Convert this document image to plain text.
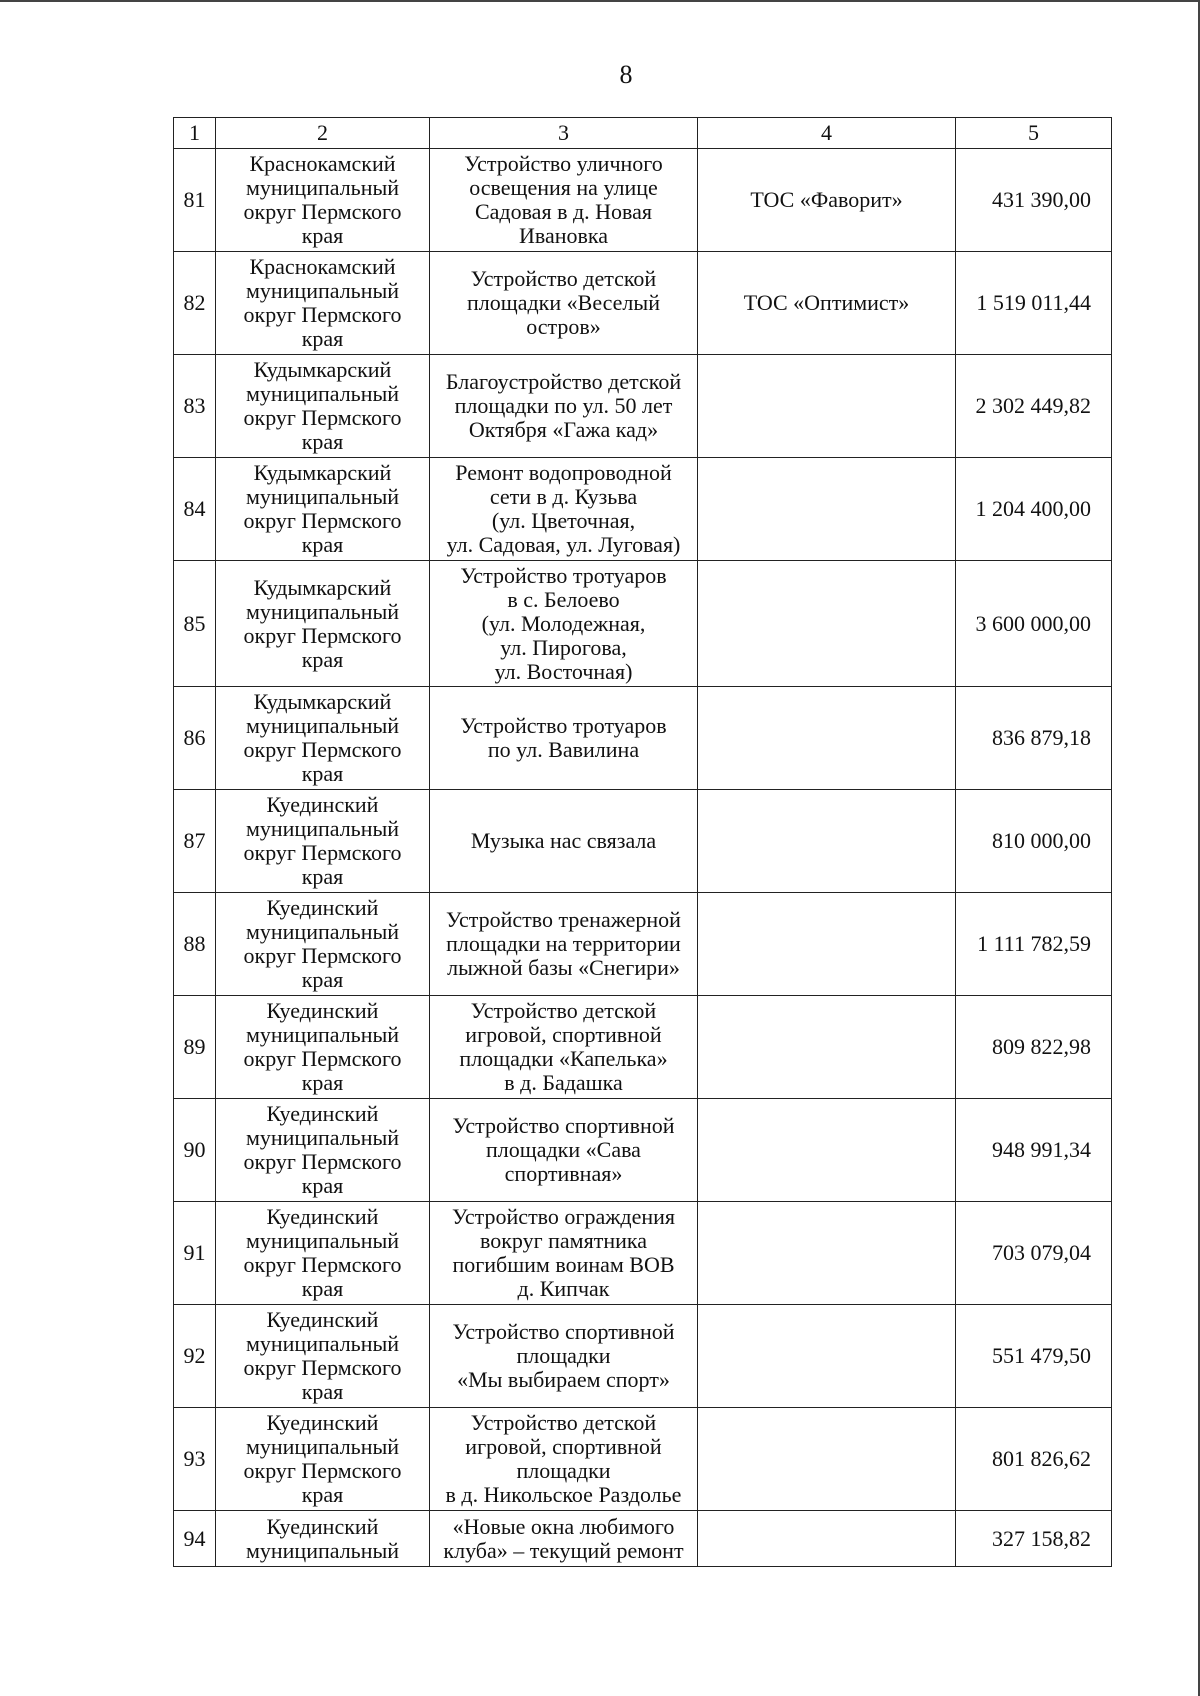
8
1	2	3	4	5
81	Краснокамский
муниципальный
округ Пермского
края	Устройство уличного
освещения на улице
Садовая в д. Новая
Ивановка	ТОС «Фаворит»	431 390,00
82	Краснокамский
муниципальный
округ Пермского
края	Устройство детской
площадки «Веселый
остров»	ТОС «Оптимист»	1 519 011,44
83	Кудымкарский
муниципальный
округ Пермского
края	Благоустройство детской
площадки по ул. 50 лет
Октября «Гажа кад»		2 302 449,82
84	Кудымкарский
муниципальный
округ Пермского
края	Ремонт водопроводной
сети в д. Кузьва
(ул. Цветочная,
ул. Садовая, ул. Луговая)		1 204 400,00
85	Кудымкарский
муниципальный
округ Пермского
края	Устройство тротуаров
в с. Белоево
(ул. Молодежная,
ул. Пирогова,
ул. Восточная)		3 600 000,00
86	Кудымкарский
муниципальный
округ Пермского
края	Устройство тротуаров
по ул. Вавилина		836 879,18
87	Куединский
муниципальный
округ Пермского
края	Музыка нас связала		810 000,00
88	Куединский
муниципальный
округ Пермского
края	Устройство тренажерной
площадки на территории
лыжной базы «Снегири»		1 111 782,59
89	Куединский
муниципальный
округ Пермского
края	Устройство детской
игровой, спортивной
площадки «Капелька»
в д. Бадашка		809 822,98
90	Куединский
муниципальный
округ Пермского
края	Устройство спортивной
площадки «Сава
спортивная»		948 991,34
91	Куединский
муниципальный
округ Пермского
края	Устройство ограждения
вокруг памятника
погибшим воинам ВОВ
д. Кипчак		703 079,04
92	Куединский
муниципальный
округ Пермского
края	Устройство спортивной
площадки
«Мы выбираем спорт»		551 479,50
93	Куединский
муниципальный
округ Пермского
края	Устройство детской
игровой, спортивной
площадки
в д. Никольское Раздолье		801 826,62
94	Куединский
муниципальный	«Новые окна любимого
клуба» – текущий ремонт		327 158,82
